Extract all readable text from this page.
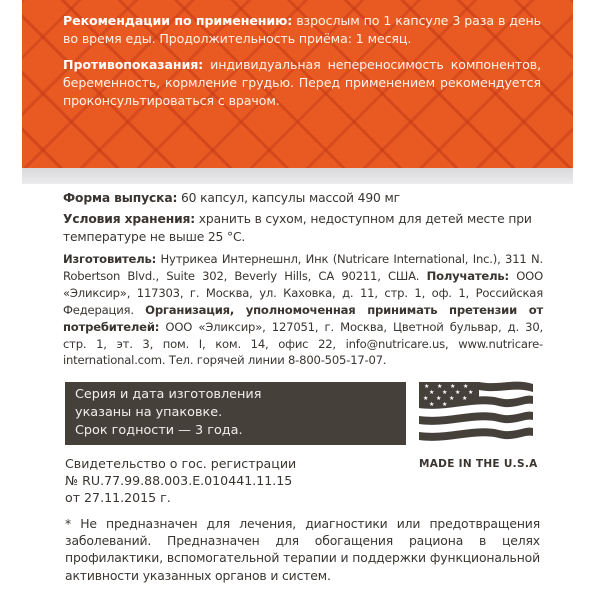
Рекомендации по применению: взрослым по 1 капсуле 3 раза в день во время еды. Продолжительность приёма: 1 месяц.

Противопоказания: индивидуальная непереносимость компонентов, беременность, кормление грудью. Перед применением рекомендуется проконсультироваться с врачом.

Форма выпуска: 60 капсул, капсулы массой 490 мг

Условия хранения: хранить в сухом, недоступном для детей месте при температуре не выше 25 °С.

Изготовитель: Нутрикеа Интернешнл, Инк (Nutricare International, Inc.), 311 N. Robertson Blvd., Suite 302, Beverly Hills, CA 90211, США. Получатель: ООО «Эликсир», 117303, г. Москва, ул. Каховка, д. 11, стр. 1, оф. 1, Российская Федерация. Организация, уполномоченная принимать претензии от потребителей: ООО «Эликсир», 127051, г. Москва, Цветной бульвар, д. 30, стр. 1, эт. 3, пом. I, ком. 14, офис 22, info@nutricare.us, www.nutricare-international.com. Тел. горячей линии 8-800-505-17-07.
Серия и дата изготовления
указаны на упаковке.
Срок годности — 3 года.
★ ★ ★ ★
★ ★ ★ ★
★ ★ ★ ★
★ ★
MADE IN THE U.S.A
Свидетельство о гос. регистрации
№ RU.77.99.88.003.Е.010441.11.15
от 27.11.2015 г.
* Не предназначен для лечения, диагностики или предотвращения заболеваний. Предназначен для обогащения рациона в целях профилактики, вспомогательной терапии и поддержки функциональной активности указанных органов и систем.
